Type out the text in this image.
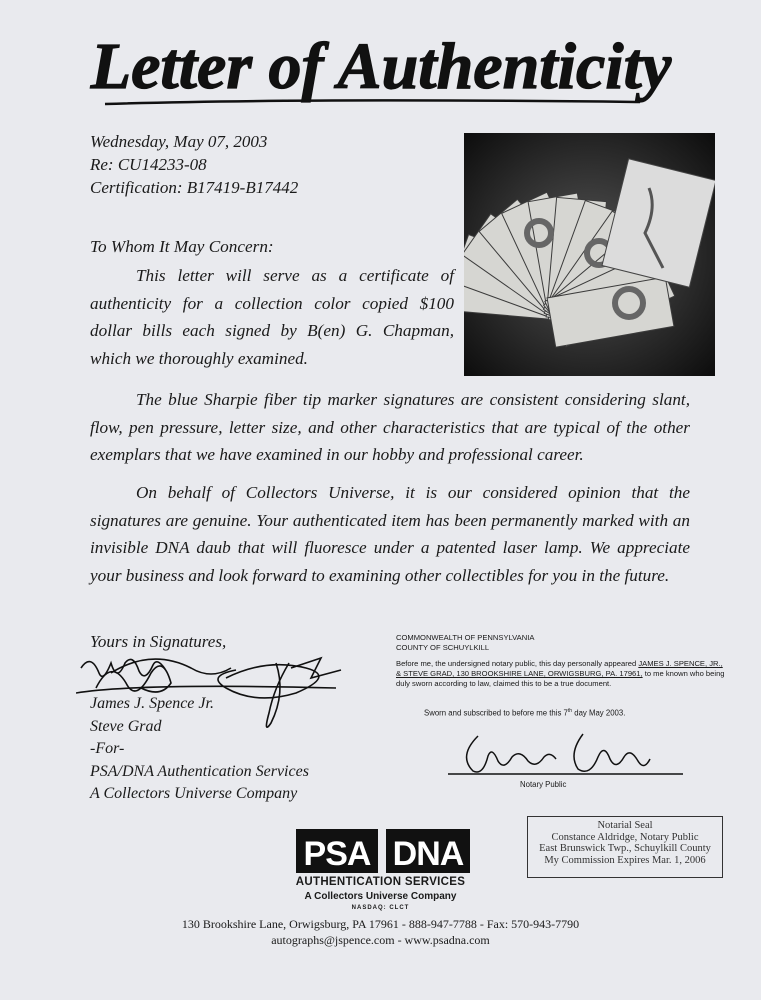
Letter of Authenticity
Wednesday, May 07, 2003
Re: CU14233-08
Certification: B17419-B17442
To Whom It May Concern:
This letter will serve as a certificate of authenticity for a collection color copied $100 dollar bills each signed by B(en) G. Chapman, which we thoroughly examined.
The blue Sharpie fiber tip marker signatures are consistent considering slant, flow, pen pressure, letter size, and other characteristics that are typical of the other exemplars that we have examined in our hobby and professional career.
On behalf of Collectors Universe, it is our considered opinion that the signatures are genuine. Your authenticated item has been permanently marked with an invisible DNA daub that will fluoresce under a patented laser lamp. We appreciate your business and look forward to examining other collectibles for you in the future.
Yours in Signatures,
James J. Spence Jr.
Steve Grad
-For-
PSA/DNA Authentication Services
A Collectors Universe Company
COMMONWEALTH OF PENNSYLVANIA
COUNTY OF SCHUYLKILL
Before me, the undersigned notary public, this day personally appeared JAMES J. SPENCE, JR., & STEVE GRAD, 130 BROOKSHIRE LANE, ORWIGSBURG, PA. 17961, to me known who being duly sworn according to law, claimed this to be a true document.
Sworn and subscribed to before me this 7th day May 2003.
Notary Public
Notarial Seal
Constance Aldridge, Notary Public
East Brunswick Twp., Schuylkill County
My Commission Expires Mar. 1, 2006
PSA DNA
AUTHENTICATION SERVICES
A Collectors Universe Company
NASDAQ: CLCT
130 Brookshire Lane, Orwigsburg, PA 17961 - 888-947-7788 - Fax: 570-943-7790
autographs@jspence.com - www.psadna.com
